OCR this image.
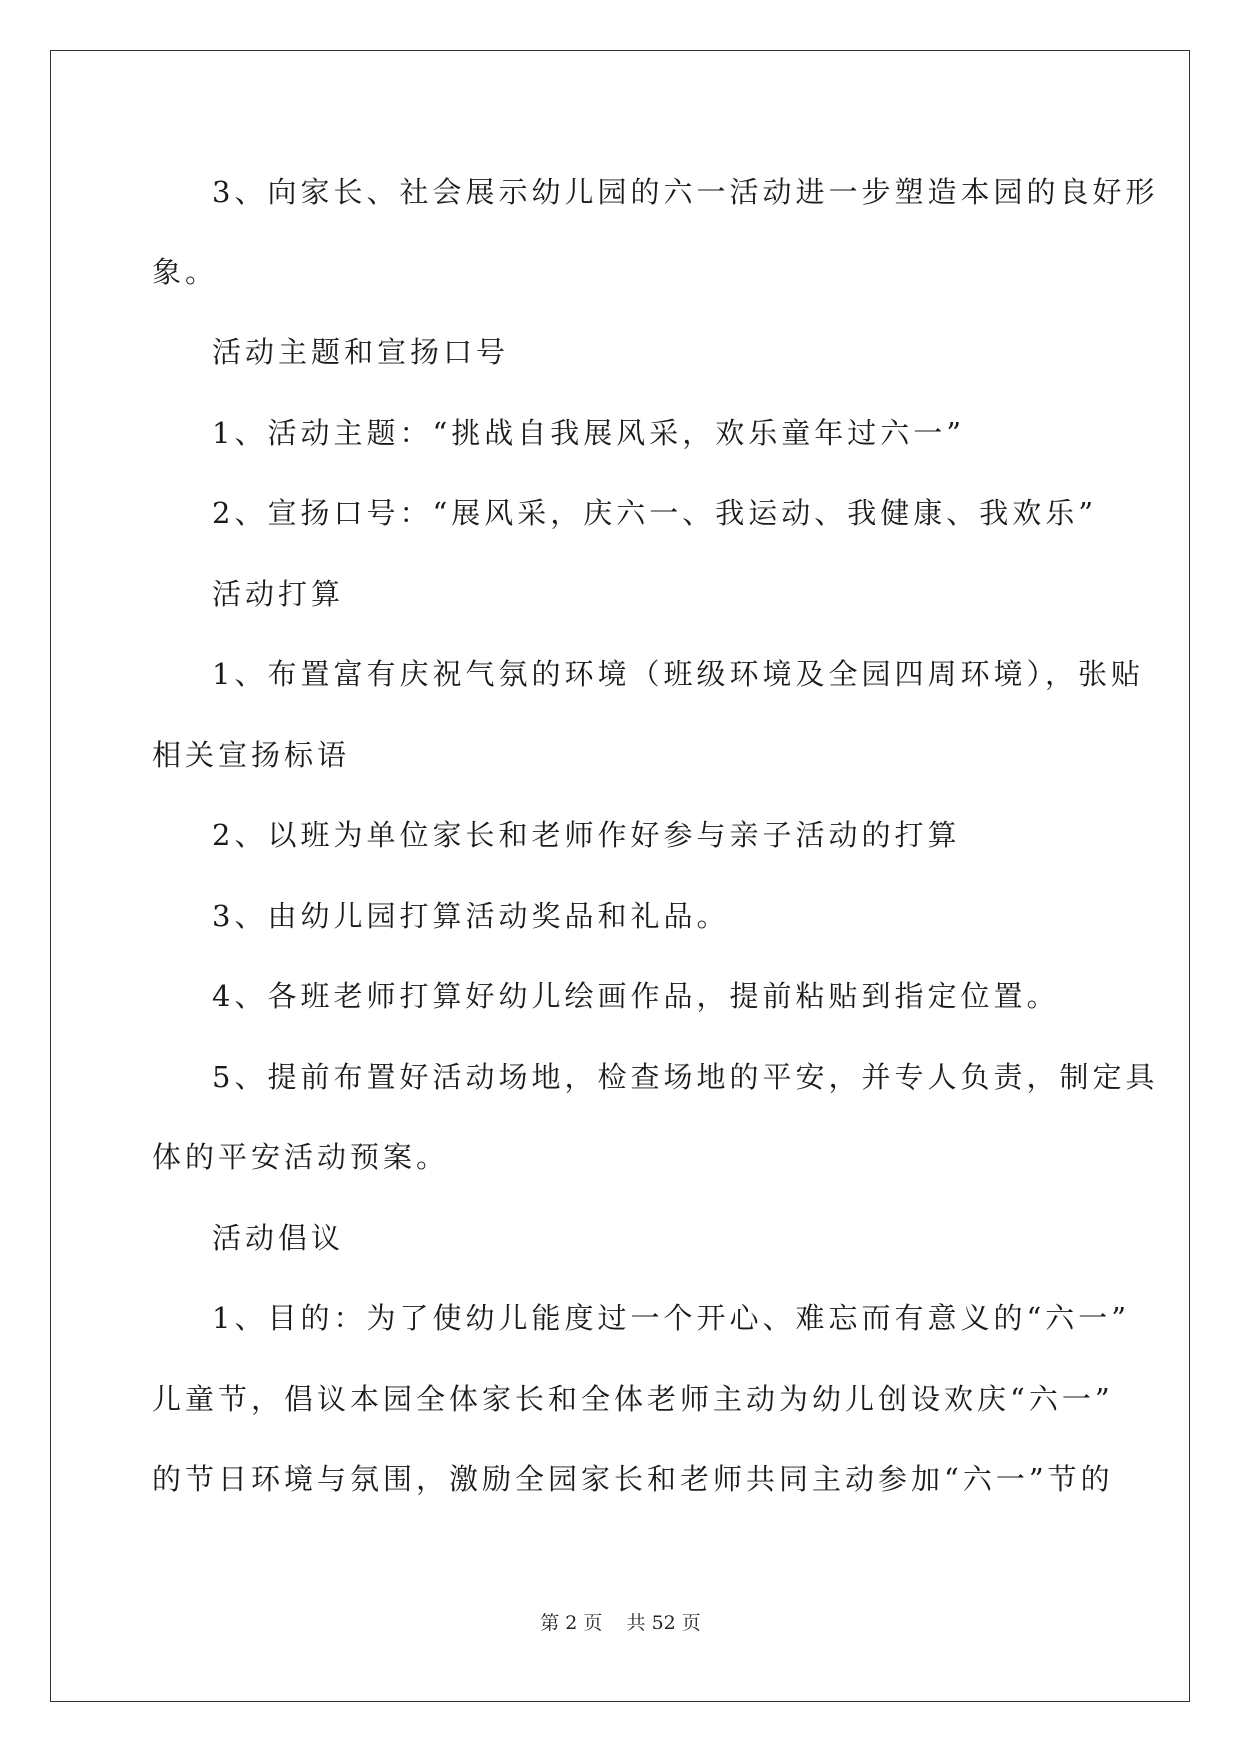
3、向家长、社会展示幼儿园的六一活动进一步塑造本园的良好形
象。
活动主题和宣扬口号
1、活动主题：“挑战自我展风采，欢乐童年过六一”
2、宣扬口号：“展风采，庆六一、我运动、我健康、我欢乐”
活动打算
1、布置富有庆祝气氛的环境（班级环境及全园四周环境），张贴
相关宣扬标语
2、以班为单位家长和老师作好参与亲子活动的打算
3、由幼儿园打算活动奖品和礼品。
4、各班老师打算好幼儿绘画作品，提前粘贴到指定位置。
5、提前布置好活动场地，检查场地的平安，并专人负责，制定具
体的平安活动预案。
活动倡议
1、目的：为了使幼儿能度过一个开心、难忘而有意义的“六一”
儿童节，倡议本园全体家长和全体老师主动为幼儿创设欢庆“六一”
的节日环境与氛围，激励全园家长和老师共同主动参加“六一”节的
第 2 页    共 52 页
